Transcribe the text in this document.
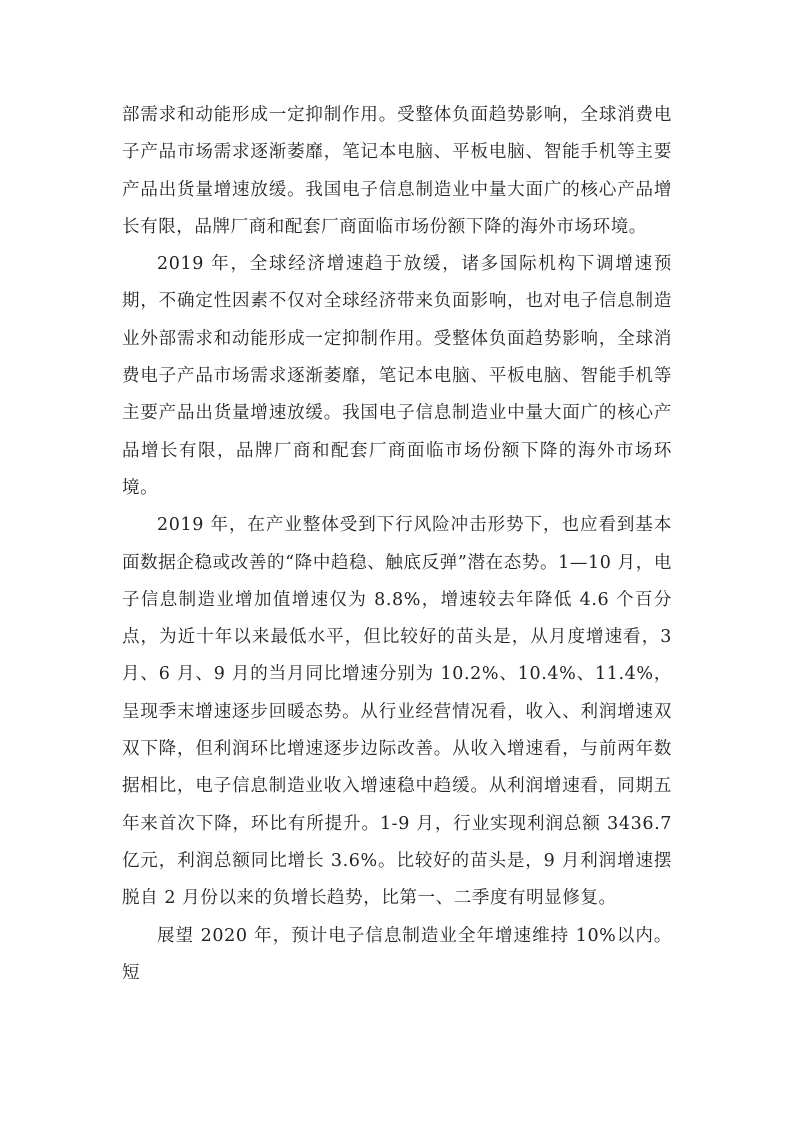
部需求和动能形成一定抑制作用。受整体负面趋势影响，全球消费电子产品市场需求逐渐萎靡，笔记本电脑、平板电脑、智能手机等主要产品出货量增速放缓。我国电子信息制造业中量大面广的核心产品增长有限，品牌厂商和配套厂商面临市场份额下降的海外市场环境。

2019 年，全球经济增速趋于放缓，诸多国际机构下调增速预期，不确定性因素不仅对全球经济带来负面影响，也对电子信息制造业外部需求和动能形成一定抑制作用。受整体负面趋势影响，全球消费电子产品市场需求逐渐萎靡，笔记本电脑、平板电脑、智能手机等主要产品出货量增速放缓。我国电子信息制造业中量大面广的核心产品增长有限，品牌厂商和配套厂商面临市场份额下降的海外市场环境。

2019 年，在产业整体受到下行风险冲击形势下，也应看到基本面数据企稳或改善的“降中趋稳、触底反弹”潜在态势。1—10 月，电子信息制造业增加值增速仅为 8.8%，增速较去年降低 4.6 个百分点，为近十年以来最低水平，但比较好的苗头是，从月度增速看，3月、6 月、9 月的当月同比增速分别为 10.2%、10.4%、11.4%，呈现季末增速逐步回暖态势。从行业经营情况看，收入、利润增速双双下降，但利润环比增速逐步边际改善。从收入增速看，与前两年数据相比，电子信息制造业收入增速稳中趋缓。从利润增速看，同期五年来首次下降，环比有所提升。1-9 月，行业实现利润总额 3436.7 亿元，利润总额同比增长 3.6%。比较好的苗头是，9 月利润增速摆脱自 2 月份以来的负增长趋势，比第一、二季度有明显修复。

展望 2020 年，预计电子信息制造业全年增速维持 10%以内。短
